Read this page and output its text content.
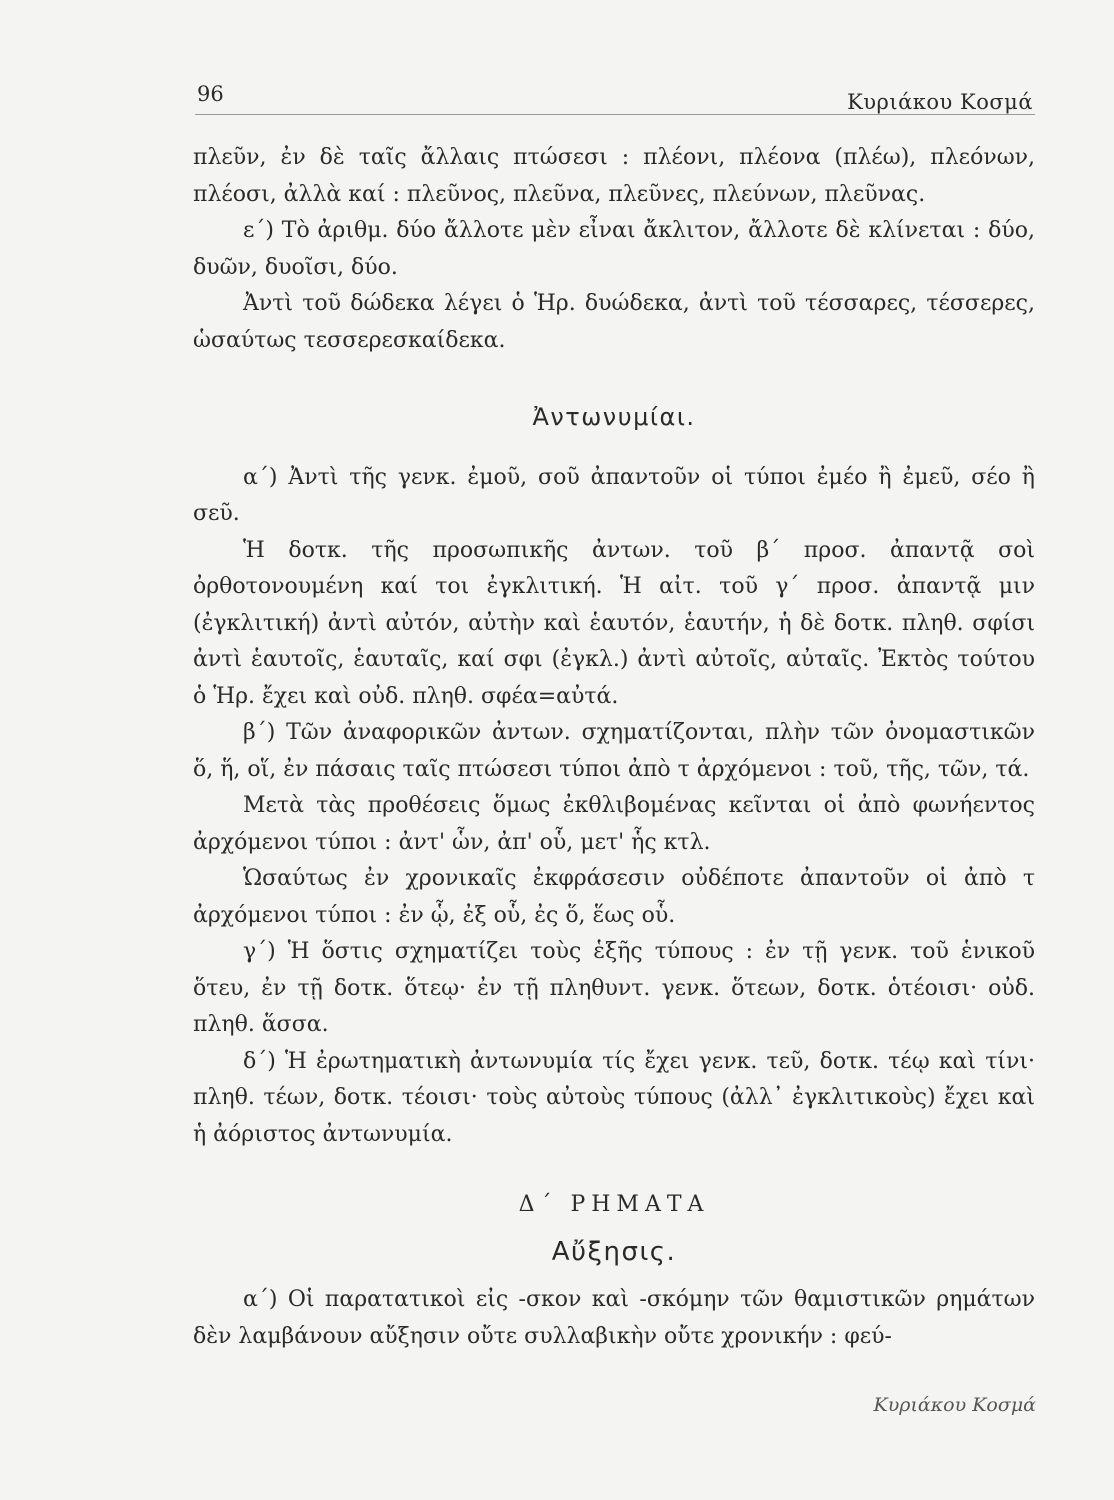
96	Κυριάκου Κοσμά

πλεῦν, ἐν δὲ ταῖς ἄλλαις πτώσεσι : πλέονι, πλέονα (πλέω), πλεόνων, πλέοσι, ἀλλὰ καί : πλεῦνος, πλεῦνα, πλεῦνες, πλεύνων, πλεῦνας.

ε΄) Τὸ ἀριθμ. δύο ἄλλοτε μὲν εἶναι ἄκλιτον, ἄλλοτε δὲ κλίνεται : δύο, δυῶν, δυοῖσι, δύο.

Ἀντὶ τοῦ δώδεκα λέγει ὁ Ἡρ. δυώδεκα, ἀντὶ τοῦ τέσσαρες, τέσσερες, ὡσαύτως τεσσερεσκαίδεκα.

Ἀντωνυμίαι.

α΄) Ἀντὶ τῆς γενκ. ἐμοῦ, σοῦ ἀπαντοῦν οἱ τύποι ἐμέο ἢ ἐμεῦ, σέο ἢ σεῦ.

Ἡ δοτκ. τῆς προσωπικῆς ἀντων. τοῦ β΄ προσ. ἀπαντᾷ σοὶ ὀρθοτονουμένη καί τοι ἐγκλιτική. Ἡ αἰτ. τοῦ γ΄ προσ. ἀπαντᾷ μιν (ἐγκλιτική) ἀντὶ αὐτόν, αὐτὴν καὶ ἑαυτόν, ἑαυτήν, ἡ δὲ δοτκ. πληθ. σφίσι ἀντὶ ἑαυτοῖς, ἑαυταῖς, καί σφι (ἐγκλ.) ἀντὶ αὐτοῖς, αὐταῖς. Ἐκτὸς τούτου ὁ Ἡρ. ἔχει καὶ οὐδ. πληθ. σφέα=αὐτά.

β΄) Τῶν ἀναφορικῶν ἀντων. σχηματίζονται, πλὴν τῶν ὀνομαστικῶν ὅ, ἥ, οἵ, ἐν πάσαις ταῖς πτώσεσι τύποι ἀπὸ τ ἀρχόμενοι : τοῦ, τῆς, τῶν, τά.

Μετὰ τὰς προθέσεις ὅμως ἐκθλιβομένας κεῖνται οἱ ἀπὸ φωνήεντος ἀρχόμενοι τύποι : ἀντ' ὧν, ἀπ' οὗ, μετ' ἧς κτλ.

Ὡσαύτως ἐν χρονικαῖς ἐκφράσεσιν οὐδέποτε ἀπαντοῦν οἱ ἀπὸ τ ἀρχόμενοι τύποι : ἐν ᾧ, ἐξ οὗ, ἐς ὅ, ἕως οὗ.

γ΄) Ἡ ὅστις σχηματίζει τοὺς ἑξῆς τύπους : ἐν τῇ γενκ. τοῦ ἑνικοῦ ὅτευ, ἐν τῇ δοτκ. ὅτεῳ· ἐν τῇ πληθυντ. γενκ. ὅτεων, δοτκ. ὁτέοισι· οὐδ. πληθ. ἅσσα.

δ΄) Ἡ ἐρωτηματικὴ ἀντωνυμία τίς ἔχει γενκ. τεῦ, δοτκ. τέῳ καὶ τίνι· πληθ. τέων, δοτκ. τέοισι· τοὺς αὐτοὺς τύπους (ἀλλ᾽ ἐγκλιτικοὺς) ἔχει καὶ ἡ ἀόριστος ἀντωνυμία.

Δ΄ ΡΗΜΑΤΑ
Αὔξησις.

α΄) Οἱ παρατατικοὶ εἰς -σκον καὶ -σκόμην τῶν θαμιστικῶν ρημάτων δὲν λαμβάνουν αὔξησιν οὔτε συλλαβικὴν οὔτε χρονικήν : φεύ-

Κυριάκου Κοσμά
